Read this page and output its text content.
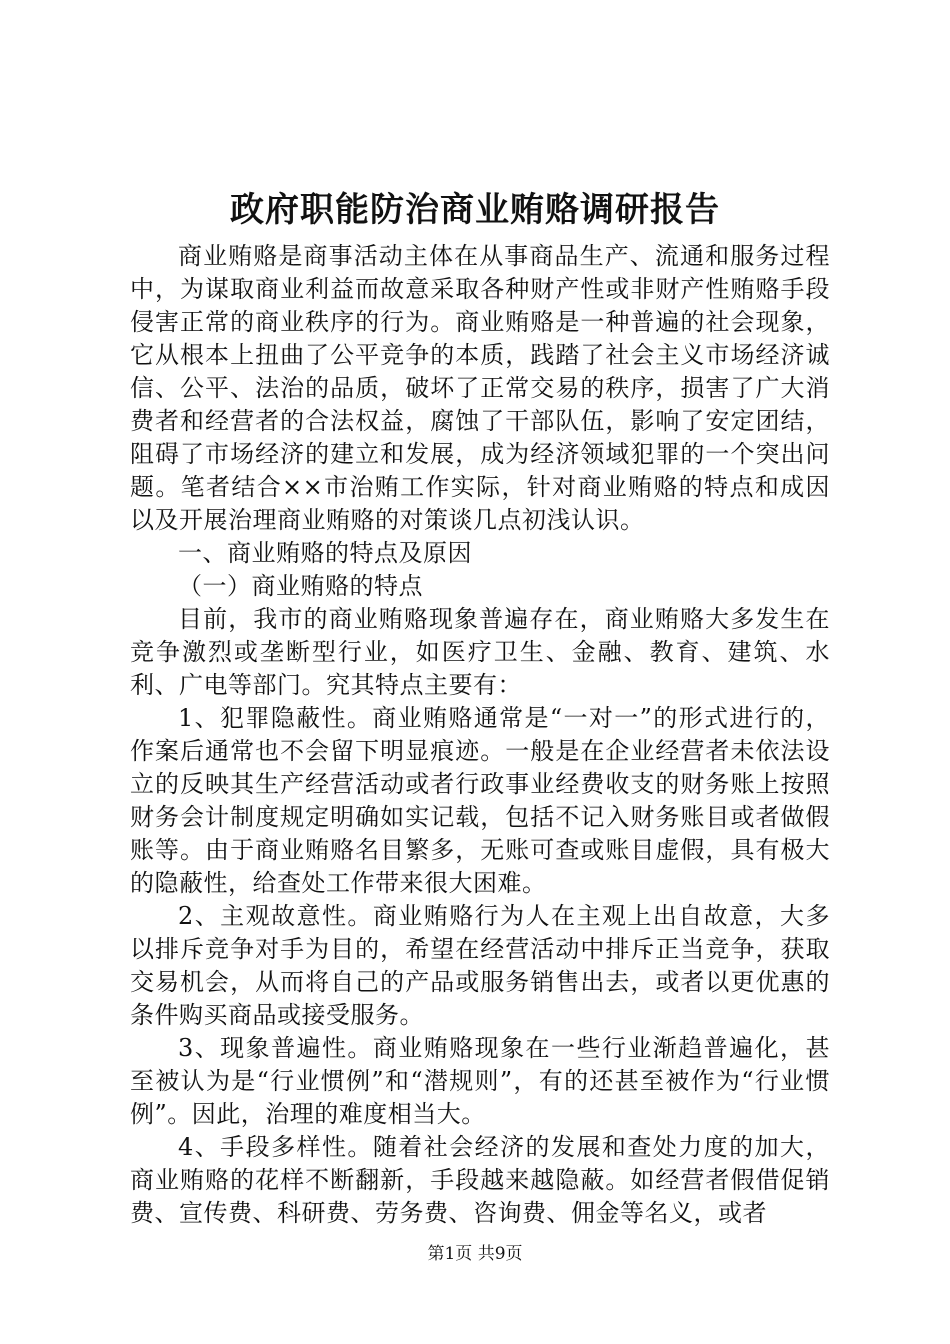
政府职能防治商业贿赂调研报告

商业贿赂是商事活动主体在从事商品生产、流通和服务过程中，为谋取商业利益而故意采取各种财产性或非财产性贿赂手段侵害正常的商业秩序的行为。商业贿赂是一种普遍的社会现象，它从根本上扭曲了公平竞争的本质，践踏了社会主义市场经济诚信、公平、法治的品质，破坏了正常交易的秩序，损害了广大消费者和经营者的合法权益，腐蚀了干部队伍，影响了安定团结，阻碍了市场经济的建立和发展，成为经济领域犯罪的一个突出问题。笔者结合××市治贿工作实际，针对商业贿赂的特点和成因以及开展治理商业贿赂的对策谈几点初浅认识。

一、商业贿赂的特点及原因

（一）商业贿赂的特点

目前，我市的商业贿赂现象普遍存在，商业贿赂大多发生在竞争激烈或垄断型行业，如医疗卫生、金融、教育、建筑、水利、广电等部门。究其特点主要有：

1、犯罪隐蔽性。商业贿赂通常是“一对一”的形式进行的，作案后通常也不会留下明显痕迹。一般是在企业经营者未依法设立的反映其生产经营活动或者行政事业经费收支的财务账上按照财务会计制度规定明确如实记载，包括不记入财务账目或者做假账等。由于商业贿赂名目繁多，无账可查或账目虚假，具有极大的隐蔽性，给查处工作带来很大困难。

2、主观故意性。商业贿赂行为人在主观上出自故意，大多以排斥竞争对手为目的，希望在经营活动中排斥正当竞争，获取交易机会，从而将自己的产品或服务销售出去，或者以更优惠的条件购买商品或接受服务。

3、现象普遍性。商业贿赂现象在一些行业渐趋普遍化，甚至被认为是“行业惯例”和“潜规则”，有的还甚至被作为“行业惯例”。因此，治理的难度相当大。

4、手段多样性。随着社会经济的发展和查处力度的加大，商业贿赂的花样不断翻新，手段越来越隐蔽。如经营者假借促销费、宣传费、科研费、劳务费、咨询费、佣金等名义，或者

第1页 共9页
